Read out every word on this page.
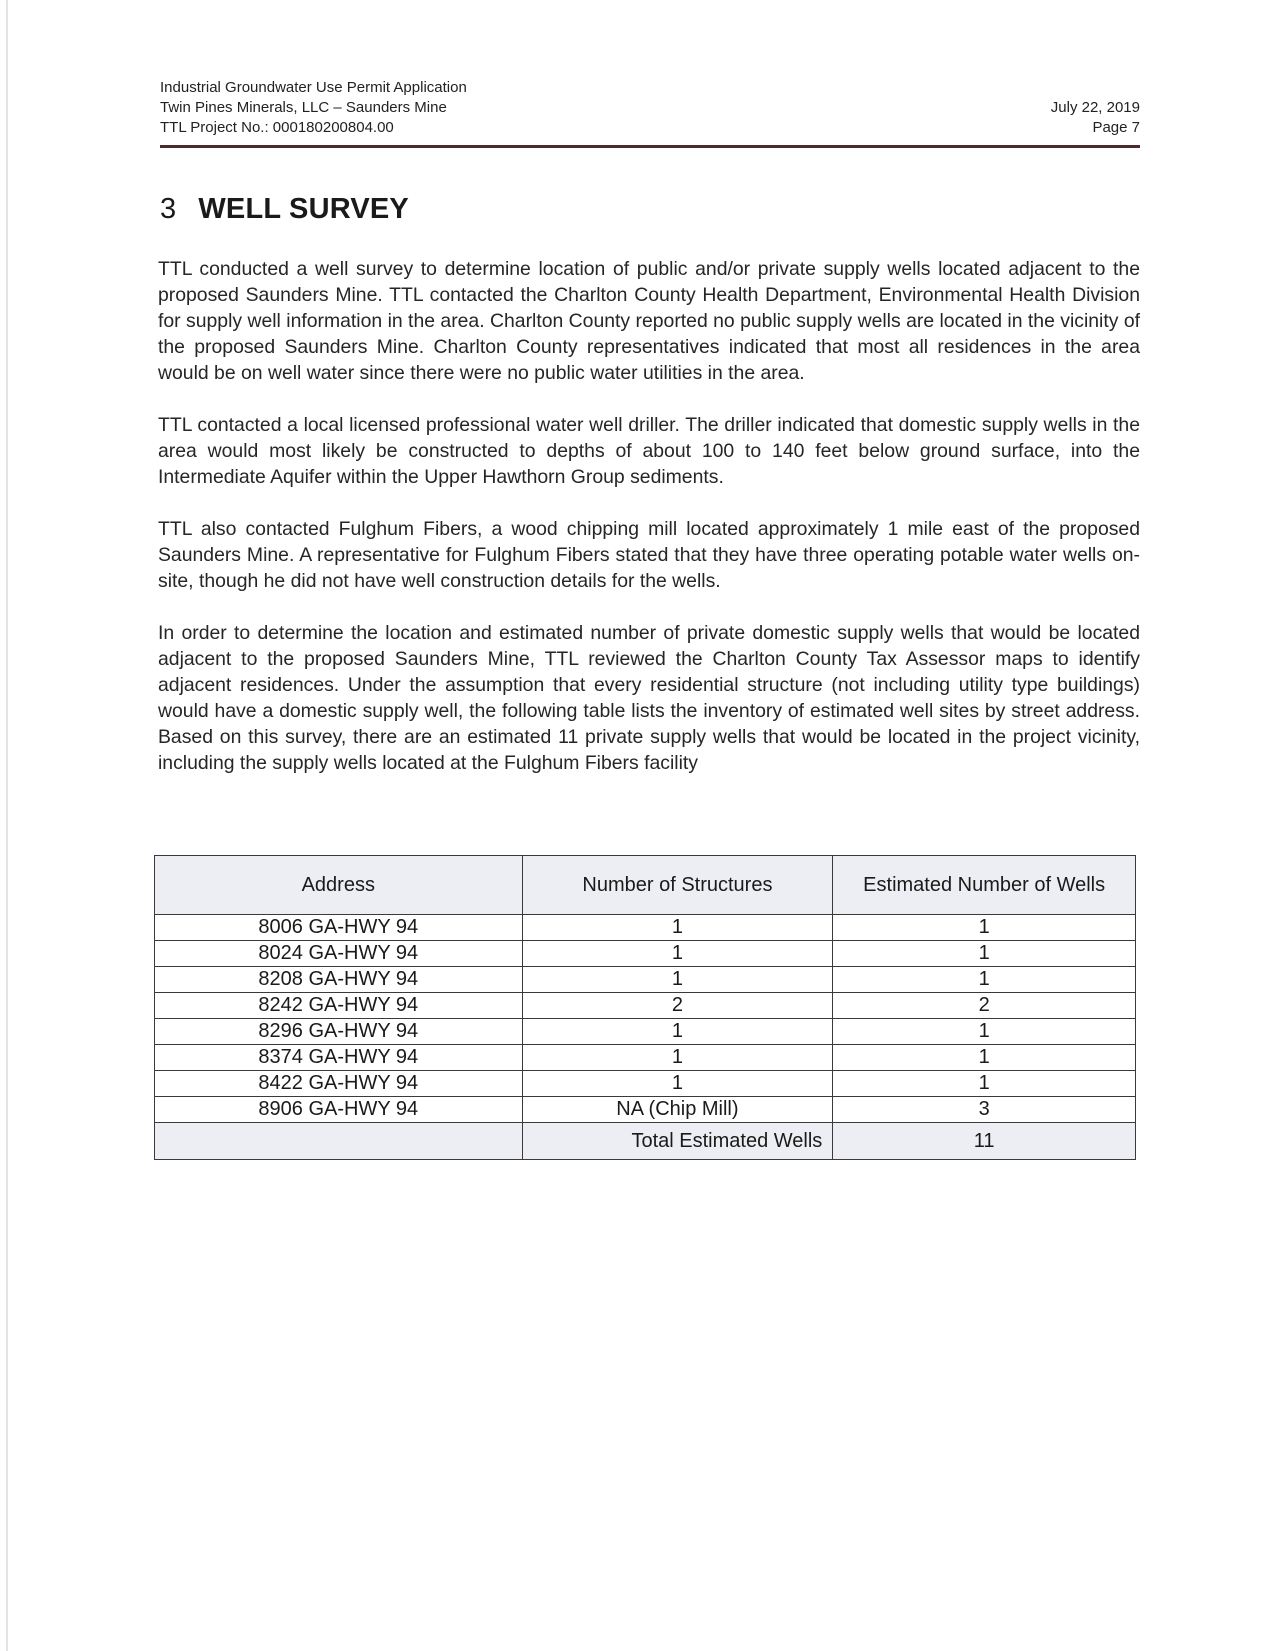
Industrial Groundwater Use Permit Application
Twin Pines Minerals, LLC – Saunders Mine
TTL Project No.: 000180200804.00
July 22, 2019
Page 7
3 WELL SURVEY

TTL conducted a well survey to determine location of public and/or private supply wells located adjacent to the proposed Saunders Mine. TTL contacted the Charlton County Health Department, Environmental Health Division for supply well information in the area. Charlton County reported no public supply wells are located in the vicinity of the proposed Saunders Mine. Charlton County representatives indicated that most all residences in the area would be on well water since there were no public water utilities in the area.

TTL contacted a local licensed professional water well driller. The driller indicated that domestic supply wells in the area would most likely be constructed to depths of about 100 to 140 feet below ground surface, into the Intermediate Aquifer within the Upper Hawthorn Group sediments.

TTL also contacted Fulghum Fibers, a wood chipping mill located approximately 1 mile east of the proposed Saunders Mine. A representative for Fulghum Fibers stated that they have three operating potable water wells on-site, though he did not have well construction details for the wells.

In order to determine the location and estimated number of private domestic supply wells that would be located adjacent to the proposed Saunders Mine, TTL reviewed the Charlton County Tax Assessor maps to identify adjacent residences. Under the assumption that every residential structure (not including utility type buildings) would have a domestic supply well, the following table lists the inventory of estimated well sites by street address. Based on this survey, there are an estimated 11 private supply wells that would be located in the project vicinity, including the supply wells located at the Fulghum Fibers facility

Address	Number of Structures	Estimated Number of Wells
8006 GA-HWY 94	1	1
8024 GA-HWY 94	1	1
8208 GA-HWY 94	1	1
8242 GA-HWY 94	2	2
8296 GA-HWY 94	1	1
8374 GA-HWY 94	1	1
8422 GA-HWY 94	1	1
8906 GA-HWY 94	NA (Chip Mill)	3
	Total Estimated Wells	11
